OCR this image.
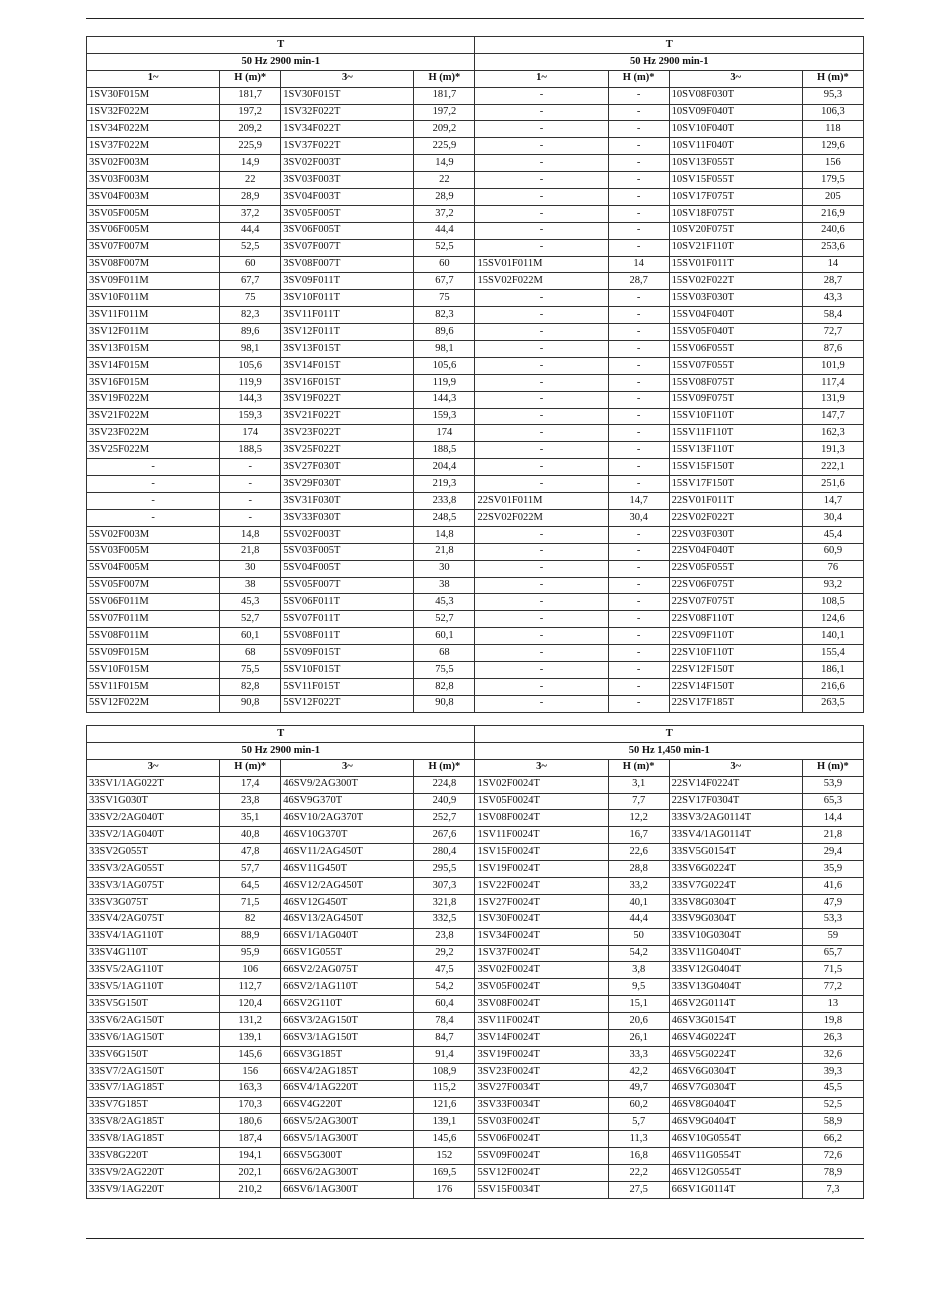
T				T			
50 Hz 2900 min-1				50 Hz 2900 min-1			
1~	H (m)*	3~	H (m)*	1~	H (m)*	3~	H (m)*
1SV30F015M	181,7	1SV30F015T	181,7	-	-	10SV08F030T	95,3
1SV32F022M	197,2	1SV32F022T	197,2	-	-	10SV09F040T	106,3
1SV34F022M	209,2	1SV34F022T	209,2	-	-	10SV10F040T	118
1SV37F022M	225,9	1SV37F022T	225,9	-	-	10SV11F040T	129,6
3SV02F003M	14,9	3SV02F003T	14,9	-	-	10SV13F055T	156
3SV03F003M	22	3SV03F003T	22	-	-	10SV15F055T	179,5
3SV04F003M	28,9	3SV04F003T	28,9	-	-	10SV17F075T	205
3SV05F005M	37,2	3SV05F005T	37,2	-	-	10SV18F075T	216,9
3SV06F005M	44,4	3SV06F005T	44,4	-	-	10SV20F075T	240,6
3SV07F007M	52,5	3SV07F007T	52,5	-	-	10SV21F110T	253,6
3SV08F007M	60	3SV08F007T	60	15SV01F011M	14	15SV01F011T	14
3SV09F011M	67,7	3SV09F011T	67,7	15SV02F022M	28,7	15SV02F022T	28,7
3SV10F011M	75	3SV10F011T	75	-	-	15SV03F030T	43,3
3SV11F011M	82,3	3SV11F011T	82,3	-	-	15SV04F040T	58,4
3SV12F011M	89,6	3SV12F011T	89,6	-	-	15SV05F040T	72,7
3SV13F015M	98,1	3SV13F015T	98,1	-	-	15SV06F055T	87,6
3SV14F015M	105,6	3SV14F015T	105,6	-	-	15SV07F055T	101,9
3SV16F015M	119,9	3SV16F015T	119,9	-	-	15SV08F075T	117,4
3SV19F022M	144,3	3SV19F022T	144,3	-	-	15SV09F075T	131,9
3SV21F022M	159,3	3SV21F022T	159,3	-	-	15SV10F110T	147,7
3SV23F022M	174	3SV23F022T	174	-	-	15SV11F110T	162,3
3SV25F022M	188,5	3SV25F022T	188,5	-	-	15SV13F110T	191,3
-	-	3SV27F030T	204,4	-	-	15SV15F150T	222,1
-	-	3SV29F030T	219,3	-	-	15SV17F150T	251,6
-	-	3SV31F030T	233,8	22SV01F011M	14,7	22SV01F011T	14,7
-	-	3SV33F030T	248,5	22SV02F022M	30,4	22SV02F022T	30,4
5SV02F003M	14,8	5SV02F003T	14,8	-	-	22SV03F030T	45,4
5SV03F005M	21,8	5SV03F005T	21,8	-	-	22SV04F040T	60,9
5SV04F005M	30	5SV04F005T	30	-	-	22SV05F055T	76
5SV05F007M	38	5SV05F007T	38	-	-	22SV06F075T	93,2
5SV06F011M	45,3	5SV06F011T	45,3	-	-	22SV07F075T	108,5
5SV07F011M	52,7	5SV07F011T	52,7	-	-	22SV08F110T	124,6
5SV08F011M	60,1	5SV08F011T	60,1	-	-	22SV09F110T	140,1
5SV09F015M	68	5SV09F015T	68	-	-	22SV10F110T	155,4
5SV10F015M	75,5	5SV10F015T	75,5	-	-	22SV12F150T	186,1
5SV11F015M	82,8	5SV11F015T	82,8	-	-	22SV14F150T	216,6
5SV12F022M	90,8	5SV12F022T	90,8	-	-	22SV17F185T	263,5
T				T			
50 Hz 2900 min-1				50 Hz 1,450 min-1			
3~	H (m)*	3~	H (m)*	3~	H (m)*	3~	H (m)*
33SV1/1AG022T	17,4	46SV9/2AG300T	224,8	1SV02F0024T	3,1	22SV14F0224T	53,9
33SV1G030T	23,8	46SV9G370T	240,9	1SV05F0024T	7,7	22SV17F0304T	65,3
33SV2/2AG040T	35,1	46SV10/2AG370T	252,7	1SV08F0024T	12,2	33SV3/2AG0114T	14,4
33SV2/1AG040T	40,8	46SV10G370T	267,6	1SV11F0024T	16,7	33SV4/1AG0114T	21,8
33SV2G055T	47,8	46SV11/2AG450T	280,4	1SV15F0024T	22,6	33SV5G0154T	29,4
33SV3/2AG055T	57,7	46SV11G450T	295,5	1SV19F0024T	28,8	33SV6G0224T	35,9
33SV3/1AG075T	64,5	46SV12/2AG450T	307,3	1SV22F0024T	33,2	33SV7G0224T	41,6
33SV3G075T	71,5	46SV12G450T	321,8	1SV27F0024T	40,1	33SV8G0304T	47,9
33SV4/2AG075T	82	46SV13/2AG450T	332,5	1SV30F0024T	44,4	33SV9G0304T	53,3
33SV4/1AG110T	88,9	66SV1/1AG040T	23,8	1SV34F0024T	50	33SV10G0304T	59
33SV4G110T	95,9	66SV1G055T	29,2	1SV37F0024T	54,2	33SV11G0404T	65,7
33SV5/2AG110T	106	66SV2/2AG075T	47,5	3SV02F0024T	3,8	33SV12G0404T	71,5
33SV5/1AG110T	112,7	66SV2/1AG110T	54,2	3SV05F0024T	9,5	33SV13G0404T	77,2
33SV5G150T	120,4	66SV2G110T	60,4	3SV08F0024T	15,1	46SV2G0114T	13
33SV6/2AG150T	131,2	66SV3/2AG150T	78,4	3SV11F0024T	20,6	46SV3G0154T	19,8
33SV6/1AG150T	139,1	66SV3/1AG150T	84,7	3SV14F0024T	26,1	46SV4G0224T	26,3
33SV6G150T	145,6	66SV3G185T	91,4	3SV19F0024T	33,3	46SV5G0224T	32,6
33SV7/2AG150T	156	66SV4/2AG185T	108,9	3SV23F0024T	42,2	46SV6G0304T	39,3
33SV7/1AG185T	163,3	66SV4/1AG220T	115,2	3SV27F0034T	49,7	46SV7G0304T	45,5
33SV7G185T	170,3	66SV4G220T	121,6	3SV33F0034T	60,2	46SV8G0404T	52,5
33SV8/2AG185T	180,6	66SV5/2AG300T	139,1	5SV03F0024T	5,7	46SV9G0404T	58,9
33SV8/1AG185T	187,4	66SV5/1AG300T	145,6	5SV06F0024T	11,3	46SV10G0554T	66,2
33SV8G220T	194,1	66SV5G300T	152	5SV09F0024T	16,8	46SV11G0554T	72,6
33SV9/2AG220T	202,1	66SV6/2AG300T	169,5	5SV12F0024T	22,2	46SV12G0554T	78,9
33SV9/1AG220T	210,2	66SV6/1AG300T	176	5SV15F0034T	27,5	66SV1G0114T	7,3
